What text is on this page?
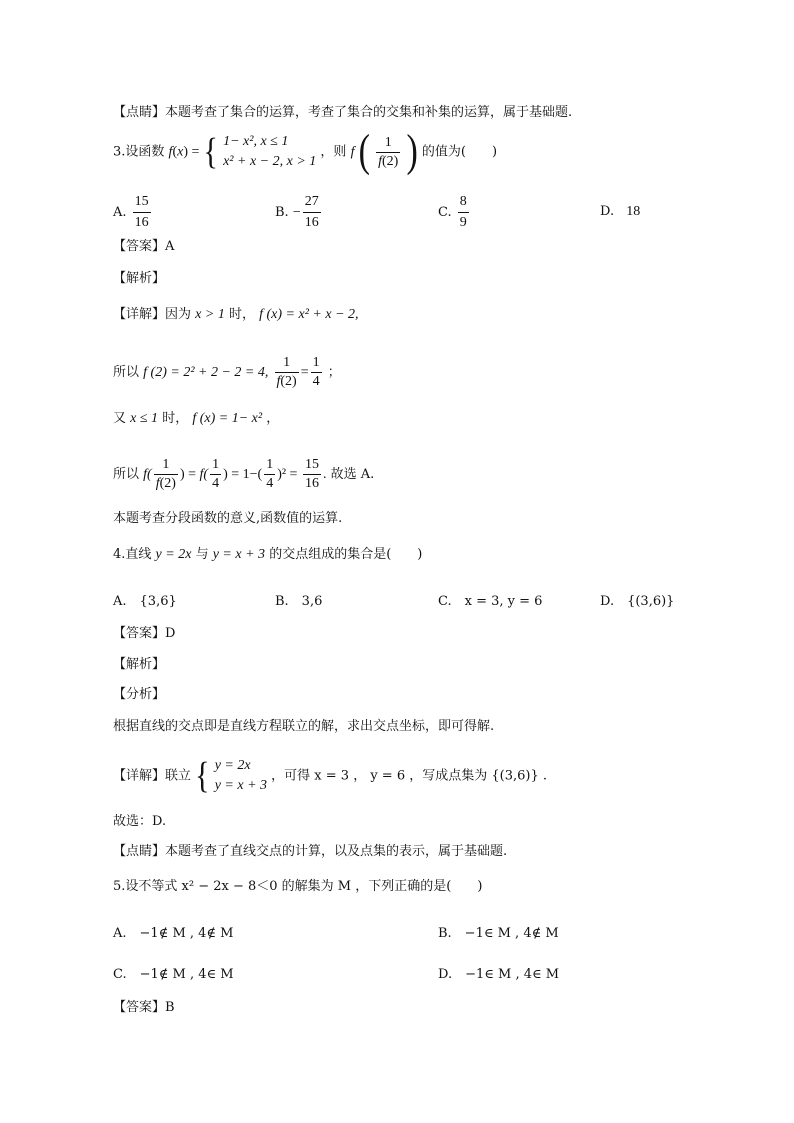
【点睛】本题考查了集合的运算，考查了集合的交集和补集的运算，属于基础题.
3.设函数 f(x) = { 1− x², x ≤ 1
x² + x − 2, x > 1
，则 f ( $\frac{1}{f(2)}$ ) 的值为(　　)
A. $\frac{15}{16}$	B. − $\frac{27}{16}$	C. $\frac{8}{9}$	D. 18
【答案】A
【解析】
【详解】因为 x > 1 时， f (x) = x² + x − 2,
所以 f (2) = 2² + 2 − 2 = 4, $\frac{1}{f(2)} = \frac{1}{4}$ ；
又 x ≤ 1 时， f (x) = 1− x² ，
所以 $f( \frac{1}{f(2)}$ ) = $f( \frac{1}{4}$ ) = $1-( \frac{1}{4} )^2 = \frac{15}{16}$ . 故选 A.
本题考查分段函数的意义,函数值的运算.
4.直线 y = 2x 与 y = x + 3 的交点组成的集合是(　　)
A.　{3,6}	B.　3,6	C.　x = 3, y = 6	D.　{(3,6)}
【答案】D
【解析】
【分析】
根据直线的交点即是直线方程联立的解，求出交点坐标，即可得解.
【详解】联立 { y = 2x
y = x + 3
，可得 x = 3 ， y = 6 ，写成点集为 {(3,6)} .
故选：D.
【点睛】本题考查了直线交点的计算，以及点集的表示，属于基础题.
5.设不等式 x² − 2x − 8＜0 的解集为 M ，下列正确的是(　　)
A.　−1∉ M , 4∉ M	B.　−1∈ M , 4∉ M
C.　−1∉ M , 4∈ M	D.　−1∈ M , 4∈ M
【答案】B
